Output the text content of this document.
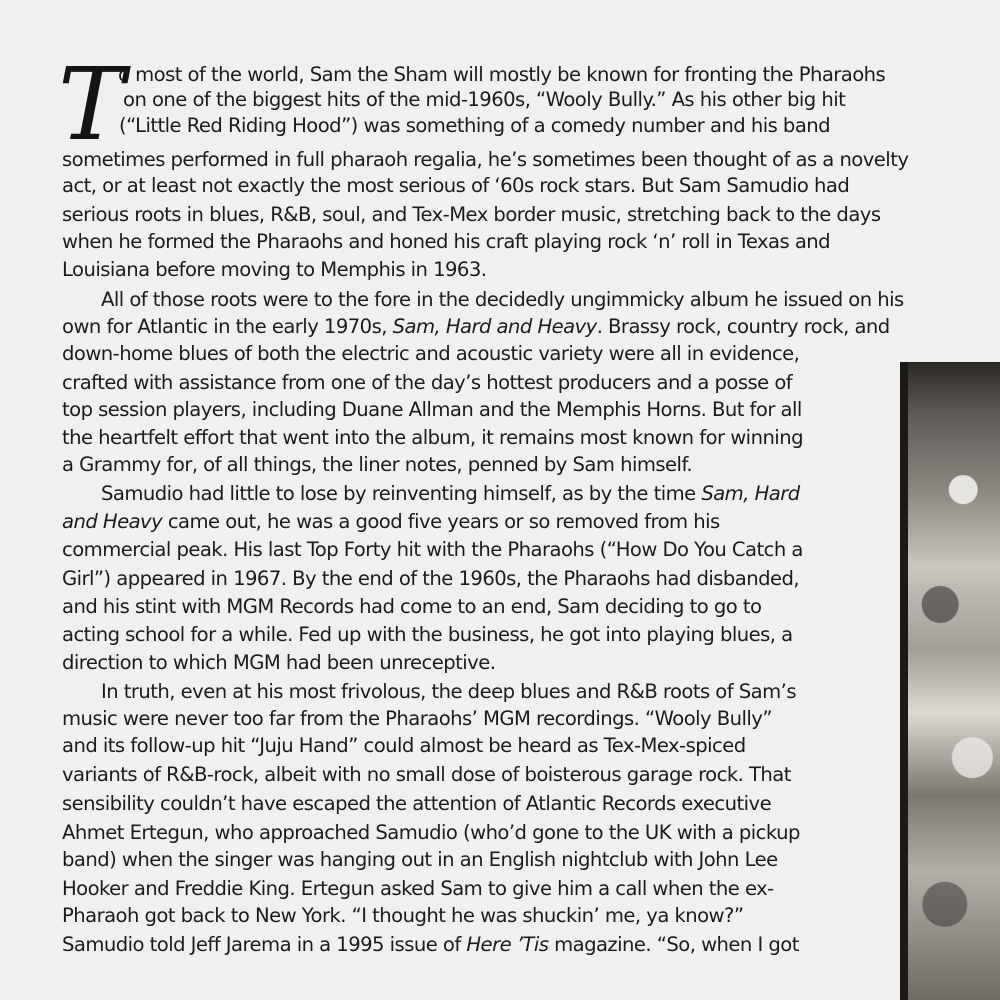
T
o most of the world, Sam the Sham will mostly be known for fronting the Pharaohs
on one of the biggest hits of the mid-1960s, “Wooly Bully.” As his other big hit
(“Little Red Riding Hood”) was something of a comedy number and his band
sometimes performed in full pharaoh regalia, he’s sometimes been thought of as a novelty
act, or at least not exactly the most serious of ‘60s rock stars. But Sam Samudio had
serious roots in blues, R&B, soul, and Tex-Mex border music, stretching back to the days
when he formed the Pharaohs and honed his craft playing rock ‘n’ roll in Texas and
Louisiana before moving to Memphis in 1963.
All of those roots were to the fore in the decidedly ungimmicky album he issued on his
own for Atlantic in the early 1970s, Sam, Hard and Heavy. Brassy rock, country rock, and
down-home blues of both the electric and acoustic variety were all in evidence,
crafted with assistance from one of the day’s hottest producers and a posse of
top session players, including Duane Allman and the Memphis Horns. But for all
the heartfelt effort that went into the album, it remains most known for winning
a Grammy for, of all things, the liner notes, penned by Sam himself.
Samudio had little to lose by reinventing himself, as by the time Sam, Hard
and Heavy came out, he was a good five years or so removed from his
commercial peak. His last Top Forty hit with the Pharaohs (“How Do You Catch a
Girl”) appeared in 1967. By the end of the 1960s, the Pharaohs had disbanded,
and his stint with MGM Records had come to an end, Sam deciding to go to
acting school for a while. Fed up with the business, he got into playing blues, a
direction to which MGM had been unreceptive.
In truth, even at his most frivolous, the deep blues and R&B roots of Sam’s
music were never too far from the Pharaohs’ MGM recordings. “Wooly Bully”
and its follow-up hit “Juju Hand” could almost be heard as Tex-Mex-spiced
variants of R&B-rock, albeit with no small dose of boisterous garage rock. That
sensibility couldn’t have escaped the attention of Atlantic Records executive
Ahmet Ertegun, who approached Samudio (who’d gone to the UK with a pickup
band) when the singer was hanging out in an English nightclub with John Lee
Hooker and Freddie King. Ertegun asked Sam to give him a call when the ex-
Pharaoh got back to New York. “I thought he was shuckin’ me, ya know?”
Samudio told Jeff Jarema in a 1995 issue of Here ’Tis magazine. “So, when I got
